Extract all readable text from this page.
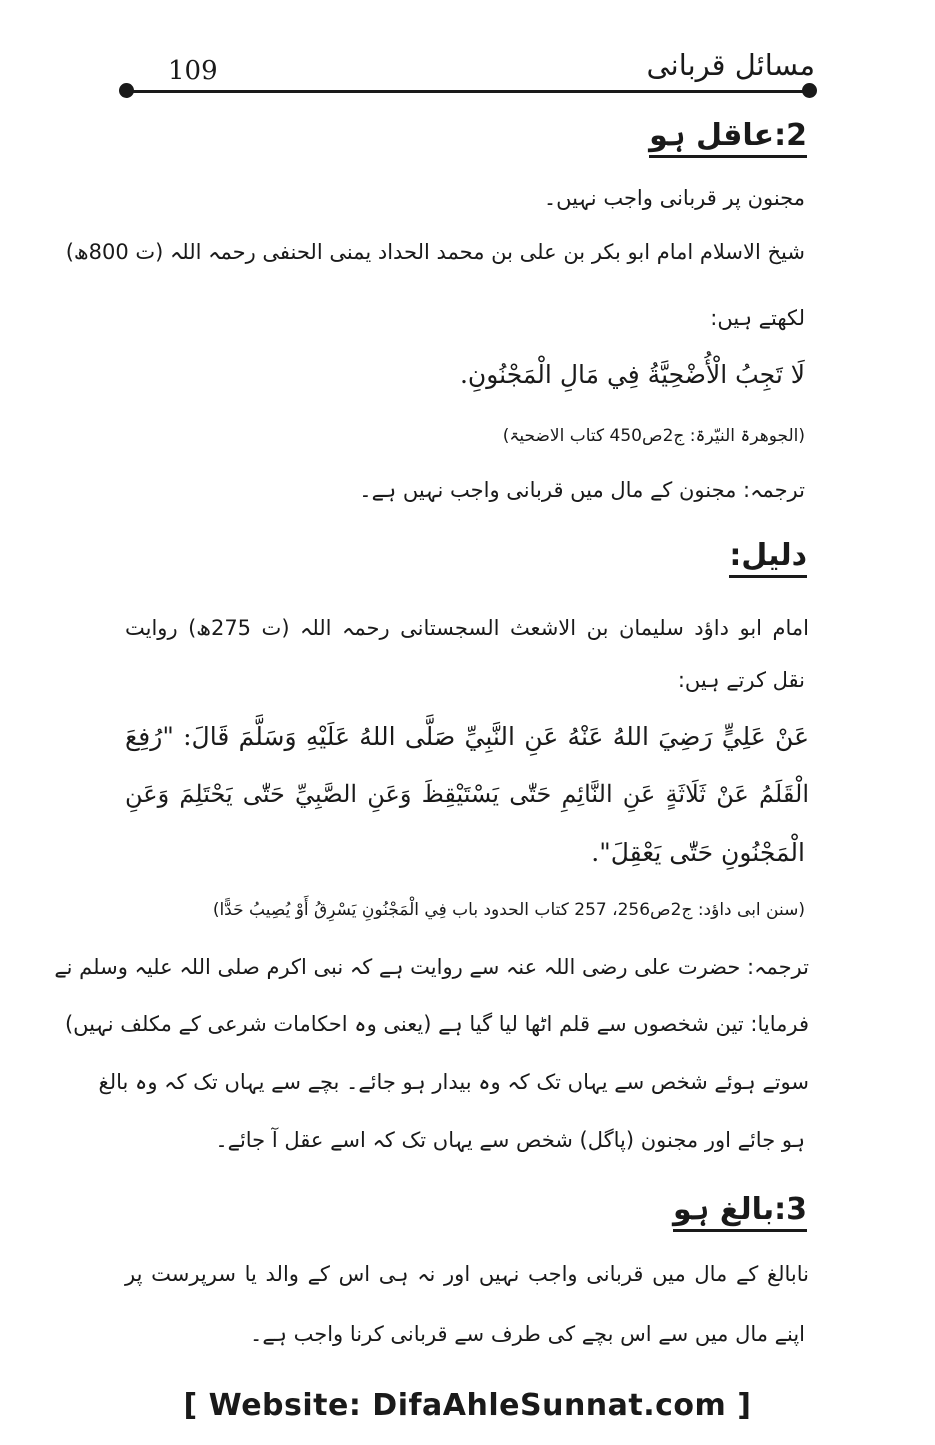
109	مسائل قربانی
2:عاقل ہو
مجنون پر قربانی واجب نہیں۔
شیخ الاسلام امام ابو بکر بن علی بن محمد الحداد یمنی الحنفی رحمہ اللہ (ت 800ھ)
لکھتے ہیں:
لَا تَجِبُ الْأُضْحِيَّةُ فِي مَالِ الْمَجْنُونِ.
(الجوھرۃ النیّرۃ: ج2ص450 کتاب الاضحیۃ)
ترجمہ: مجنون کے مال میں قربانی واجب نہیں ہے۔
دلیل:
امام ابو داؤد سلیمان بن الاشعث السجستانی رحمہ اللہ (ت 275ھ) روایت
نقل کرتے ہیں:
عَنْ عَلِيٍّ رَضِيَ اللهُ عَنْهُ عَنِ النَّبِيِّ صَلَّى اللهُ عَلَيْهِ وَسَلَّمَ قَالَ: "رُفِعَ
الْقَلَمُ عَنْ ثَلَاثَةٍ عَنِ النَّائِمِ حَتّٰى يَسْتَيْقِظَ وَعَنِ الصَّبِيِّ حَتّٰى يَحْتَلِمَ وَعَنِ
الْمَجْنُونِ حَتّٰى يَعْقِلَ".
(سنن ابی داؤد: ج2ص256، 257 کتاب الحدود باب فِي الْمَجْنُونِ يَسْرِقُ أَوْ يُصِيبُ حَدًّا)
ترجمہ: حضرت علی رضی اللہ عنہ سے روایت ہے کہ نبی اکرم صلی اللہ علیہ وسلم نے
فرمایا: تین شخصوں سے قلم اٹھا لیا گیا ہے (یعنی وہ احکامات شرعی کے مکلف نہیں)
سوتے ہوئے شخص سے یہاں تک کہ وہ بیدار ہو جائے۔ بچے سے یہاں تک کہ وہ بالغ
ہو جائے اور مجنون (پاگل) شخص سے یہاں تک کہ اسے عقل آ جائے۔
3:بالغ ہو
نابالغ کے مال میں قربانی واجب نہیں اور نہ ہی اس کے والد یا سرپرست پر
اپنے مال میں سے اس بچے کی طرف سے قربانی کرنا واجب ہے۔
[ Website: DifaAhleSunnat.com ]
